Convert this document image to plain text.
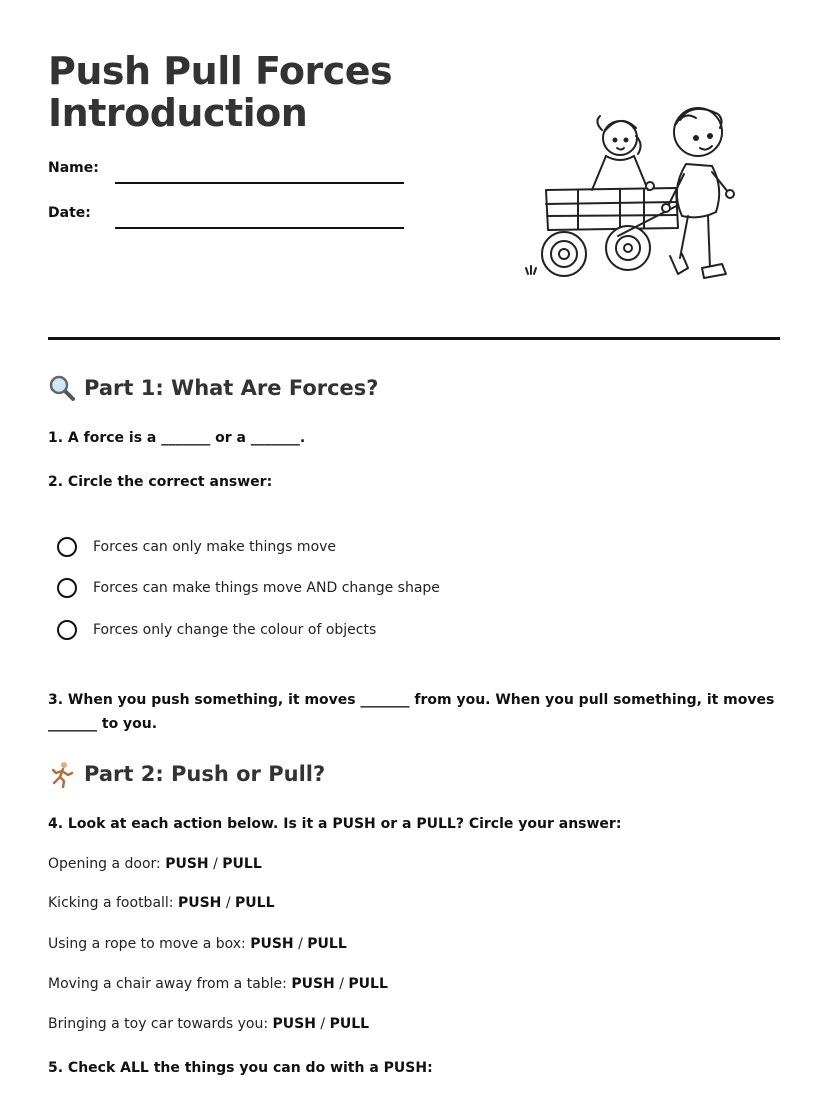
Push Pull Forces
Introduction
Name:
Date:
Part 1: What Are Forces?
1. A force is a _______ or a _______.
2. Circle the correct answer:
Forces can only make things move
Forces can make things move AND change shape
Forces only change the colour of objects
3. When you push something, it moves _______ from you. When you pull something, it moves _______ to you.
Part 2: Push or Pull?
4. Look at each action below. Is it a PUSH or a PULL? Circle your answer:
Opening a door: PUSH / PULL
Kicking a football: PUSH / PULL
Using a rope to move a box: PUSH / PULL
Moving a chair away from a table: PUSH / PULL
Bringing a toy car towards you: PUSH / PULL
5. Check ALL the things you can do with a PUSH:
